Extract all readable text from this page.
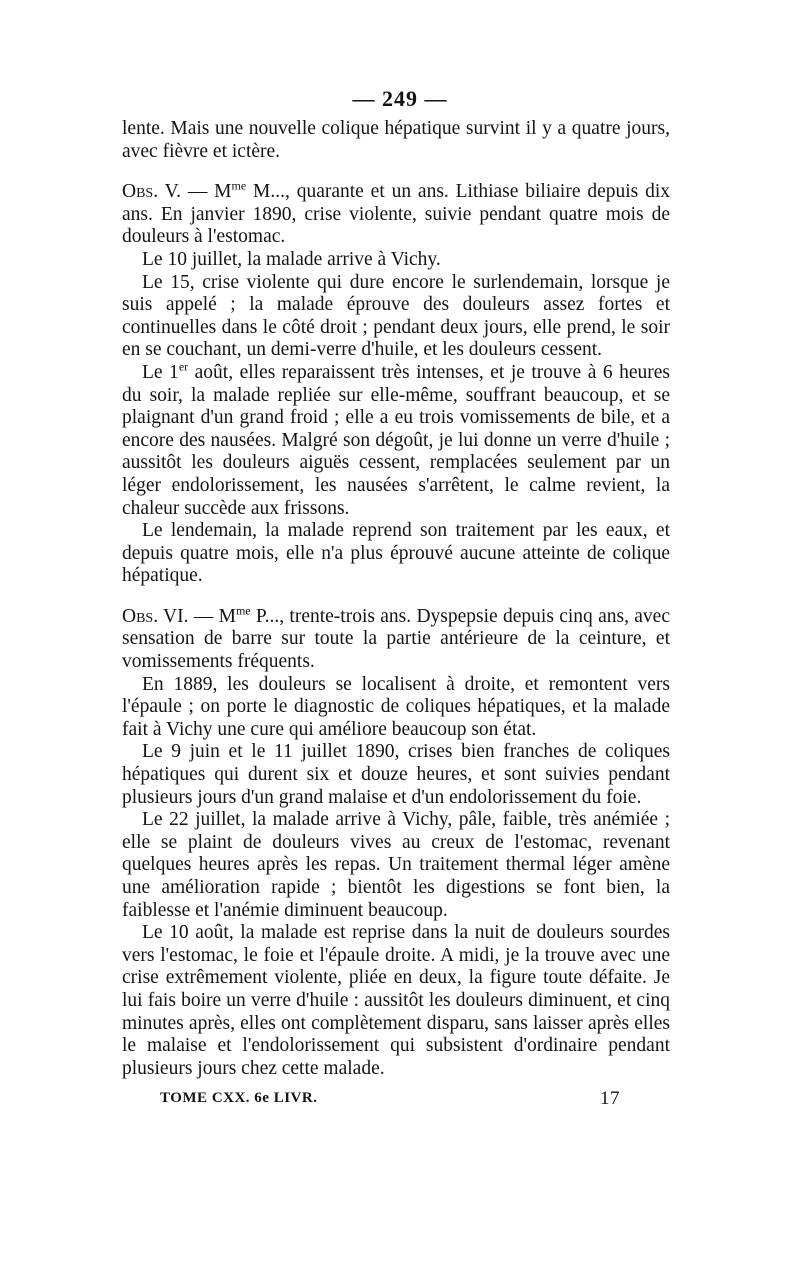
— 249 —

lente. Mais une nouvelle colique hépatique survint il y a quatre jours, avec fièvre et ictère.

Obs. V. — $M^{me}$ M..., quarante et un ans. Lithiase biliaire depuis dix ans. En janvier 1890, crise violente, suivie pendant quatre mois de douleurs à l'estomac.

Le 10 juillet, la malade arrive à Vichy.

Le 15, crise violente qui dure encore le surlendemain, lorsque je suis appelé ; la malade éprouve des douleurs assez fortes et continuelles dans le côté droit ; pendant deux jours, elle prend, le soir en se couchant, un demi-verre d'huile, et les douleurs cessent.

Le 1er août, elles reparaissent très intenses, et je trouve à 6 heures du soir, la malade repliée sur elle-même, souffrant beaucoup, et se plaignant d'un grand froid ; elle a eu trois vomissements de bile, et a encore des nausées. Malgré son dégoût, je lui donne un verre d'huile ; aussitôt les douleurs aiguës cessent, remplacées seulement par un léger endolorissement, les nausées s'arrêtent, le calme revient, la chaleur succède aux frissons.

Le lendemain, la malade reprend son traitement par les eaux, et depuis quatre mois, elle n'a plus éprouvé aucune atteinte de colique hépatique.

Obs. VI. — $M^{me}$ P..., trente-trois ans. Dyspepsie depuis cinq ans, avec sensation de barre sur toute la partie antérieure de la ceinture, et vomissements fréquents.

En 1889, les douleurs se localisent à droite, et remontent vers l'épaule ; on porte le diagnostic de coliques hépatiques, et la malade fait à Vichy une cure qui améliore beaucoup son état.

Le 9 juin et le 11 juillet 1890, crises bien franches de coliques hépatiques qui durent six et douze heures, et sont suivies pendant plusieurs jours d'un grand malaise et d'un endolorissement du foie.

Le 22 juillet, la malade arrive à Vichy, pâle, faible, très anémiée ; elle se plaint de douleurs vives au creux de l'estomac, revenant quelques heures après les repas. Un traitement thermal léger amène une amélioration rapide ; bientôt les digestions se font bien, la faiblesse et l'anémie diminuent beaucoup.

Le 10 août, la malade est reprise dans la nuit de douleurs sourdes vers l'estomac, le foie et l'épaule droite. A midi, je la trouve avec une crise extrêmement violente, pliée en deux, la figure toute défaite. Je lui fais boire un verre d'huile : aussitôt les douleurs diminuent, et cinq minutes après, elles ont complètement disparu, sans laisser après elles le malaise et l'endolorissement qui subsistent d'ordinaire pendant plusieurs jours chez cette malade.

TOME CXX. 6e LIVR.	17
